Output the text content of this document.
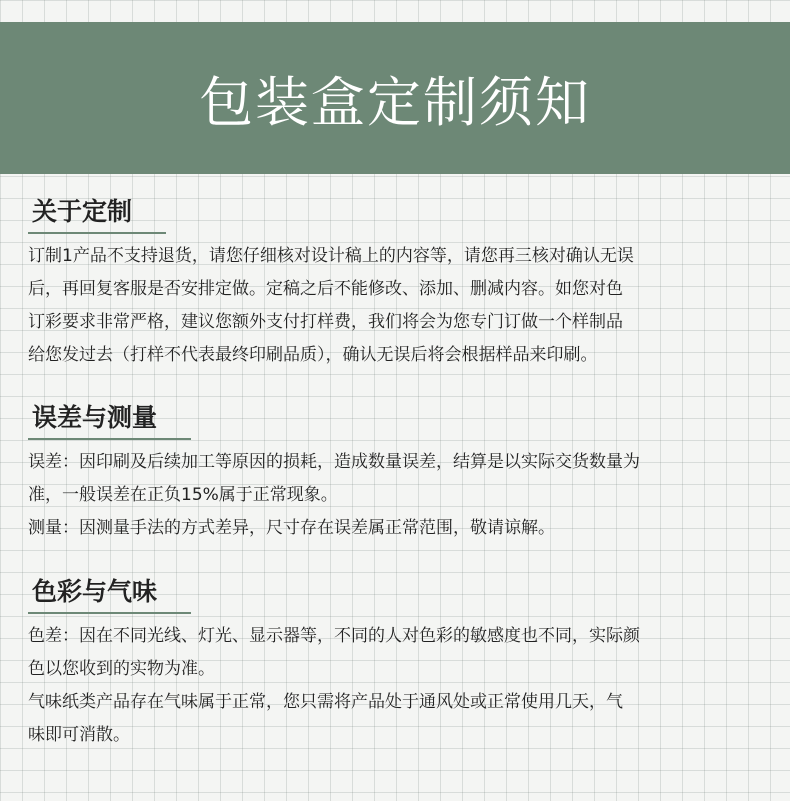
包装盒定制须知
关于定制

订制1产品不支持退货，请您仔细核对设计稿上的内容等，请您再三核对确认无误
后，再回复客服是否安排定做。定稿之后不能修改、添加、删减内容。如您对色
订彩要求非常严格，建议您额外支付打样费，我们将会为您专门订做一个样制品
给您发过去（打样不代表最终印刷品质），确认无误后将会根据样品来印刷。

误差与测量

误差：因印刷及后续加工等原因的损耗，造成数量误差，结算是以实际交货数量为
准，一般误差在正负15%属于正常现象。

测量：因测量手法的方式差异，尺寸存在误差属正常范围，敬请谅解。

色彩与气味

色差：因在不同光线、灯光、显示器等，不同的人对色彩的敏感度也不同，实际颜
色以您收到的实物为准。

气味纸类产品存在气味属于正常，您只需将产品处于通风处或正常使用几天，气
味即可消散。
